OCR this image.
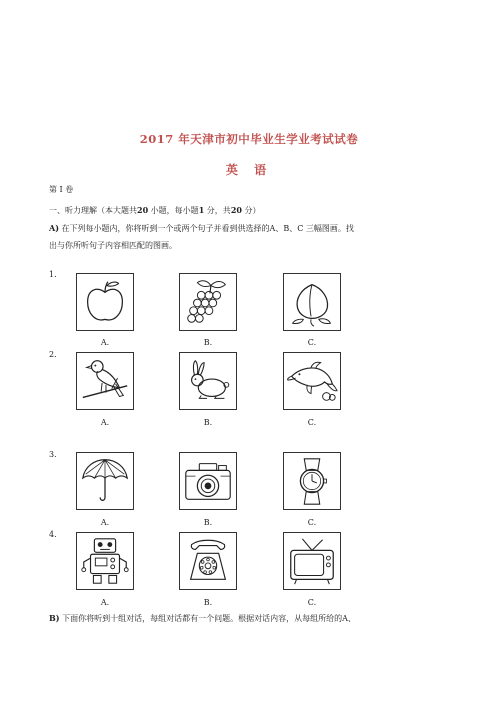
2017 年天津市初中毕业生学业考试试卷
英 语
第 I 卷
一、听力理解（本大题共20 小题，每小题1 分，共20 分）
A) 在下列每小题内，你将听到一个或两个句子并看到供选择的A、B、C 三幅图画。找
出与你所听句子内容相匹配的图画。
1.
A.	B.	C.
2.
A.	B.	C.
3.
A.	B.	C.
4.
A.	B.	C.
B) 下面你将听到十组对话，每组对话都有一个问题。根据对话内容，从每组所给的A、
